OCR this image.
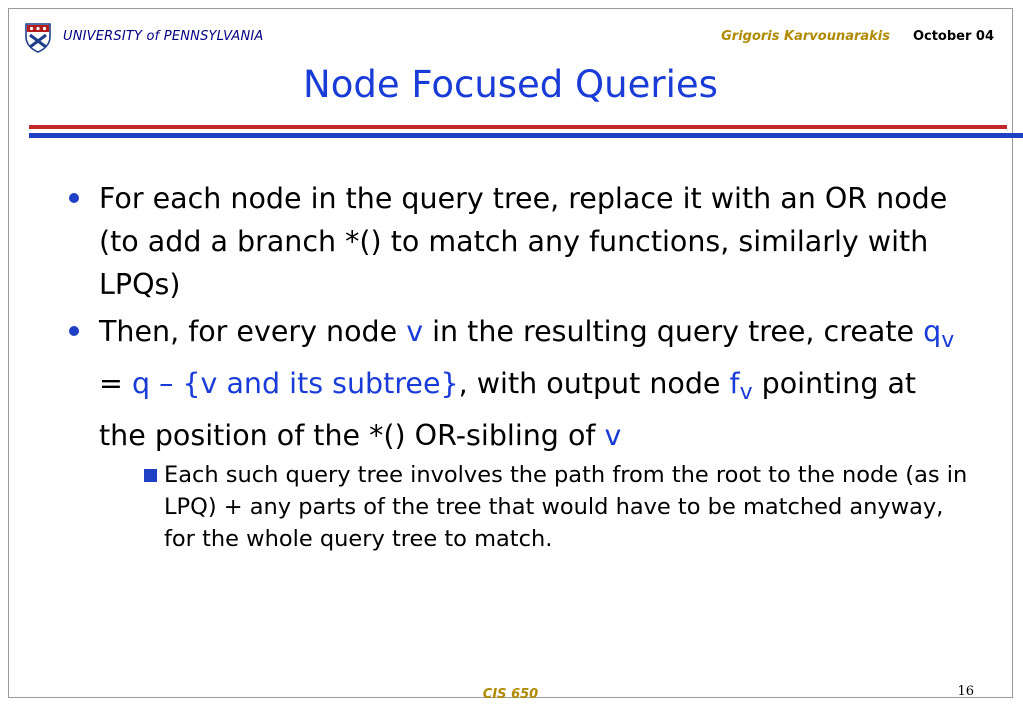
UNIVERSITY of PENNSYLVANIA	Grigoris Karvounarakis October 04
Node Focused Queries
For each node in the query tree, replace it with an OR node (to add a branch *() to match any functions, similarly with LPQs)
Then, for every node v in the resulting query tree, create $q_v = q - \{v$ and its subtree}, with output node $f_v$ pointing at the position of the *() OR-sibling of v
Each such query tree involves the path from the root to the node (as in LPQ) + any parts of the tree that would have to be matched anyway, for the whole query tree to match.
CIS 650	16
